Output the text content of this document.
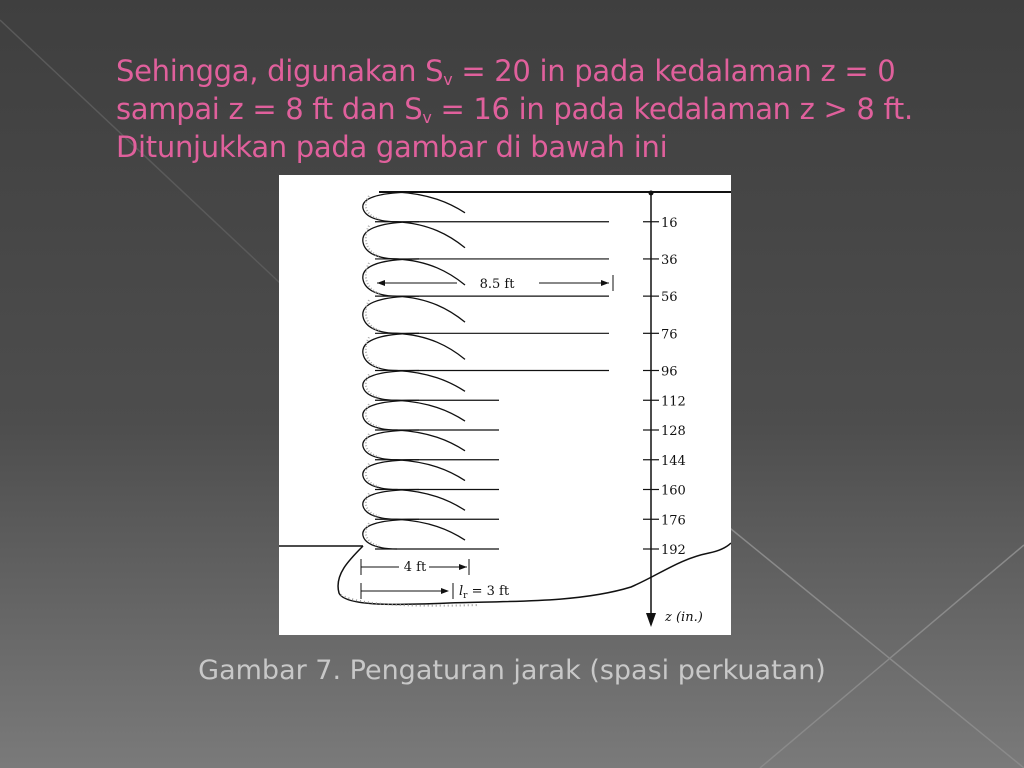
Sehingga, digunakan $S_v = 20$ in pada kedalaman z = 0 sampai z = 8 ft dan $S_v = 16$ in pada kedalaman z > 8 ft. Ditunjukkan pada gambar di bawah ini
16
36
56
76
96
112
128
144
160
176
192
8.5 ft
4 ft
$l_r = 3$ ft
z (in.)
Gambar 7. Pengaturan jarak (spasi perkuatan)
